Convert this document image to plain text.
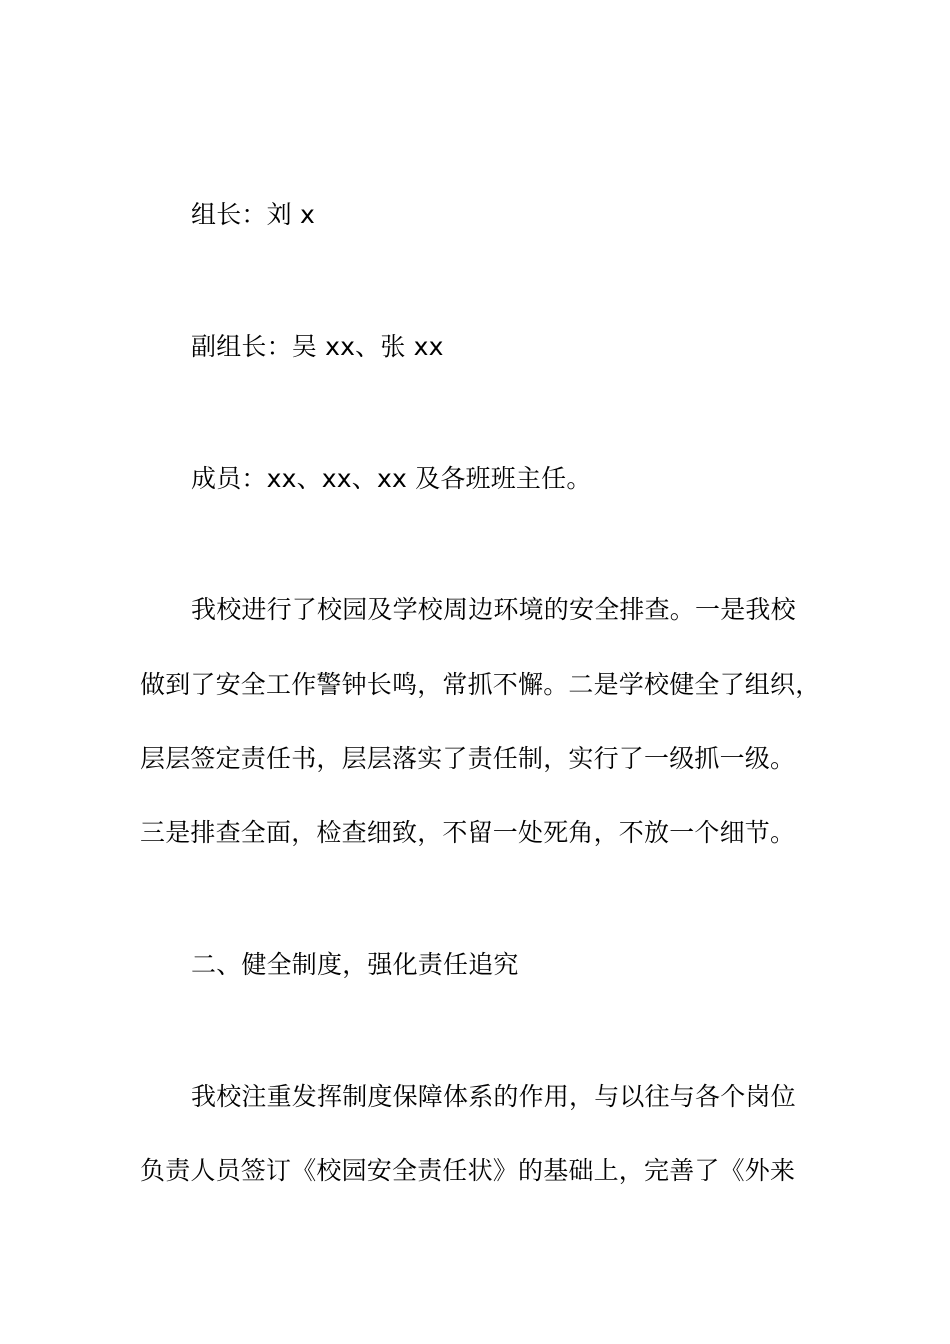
组长：刘 x
副组长：吴 xx、张 xx
成员：xx、xx、xx 及各班班主任。
我校进行了校园及学校周边环境的安全排查。一是我校
做到了安全工作警钟长鸣，常抓不懈。二是学校健全了组织，
层层签定责任书，层层落实了责任制，实行了一级抓一级。
三是排查全面，检查细致，不留一处死角，不放一个细节。
二、健全制度，强化责任追究
我校注重发挥制度保障体系的作用，与以往与各个岗位
负责人员签订《校园安全责任状》的基础上，完善了《外来
